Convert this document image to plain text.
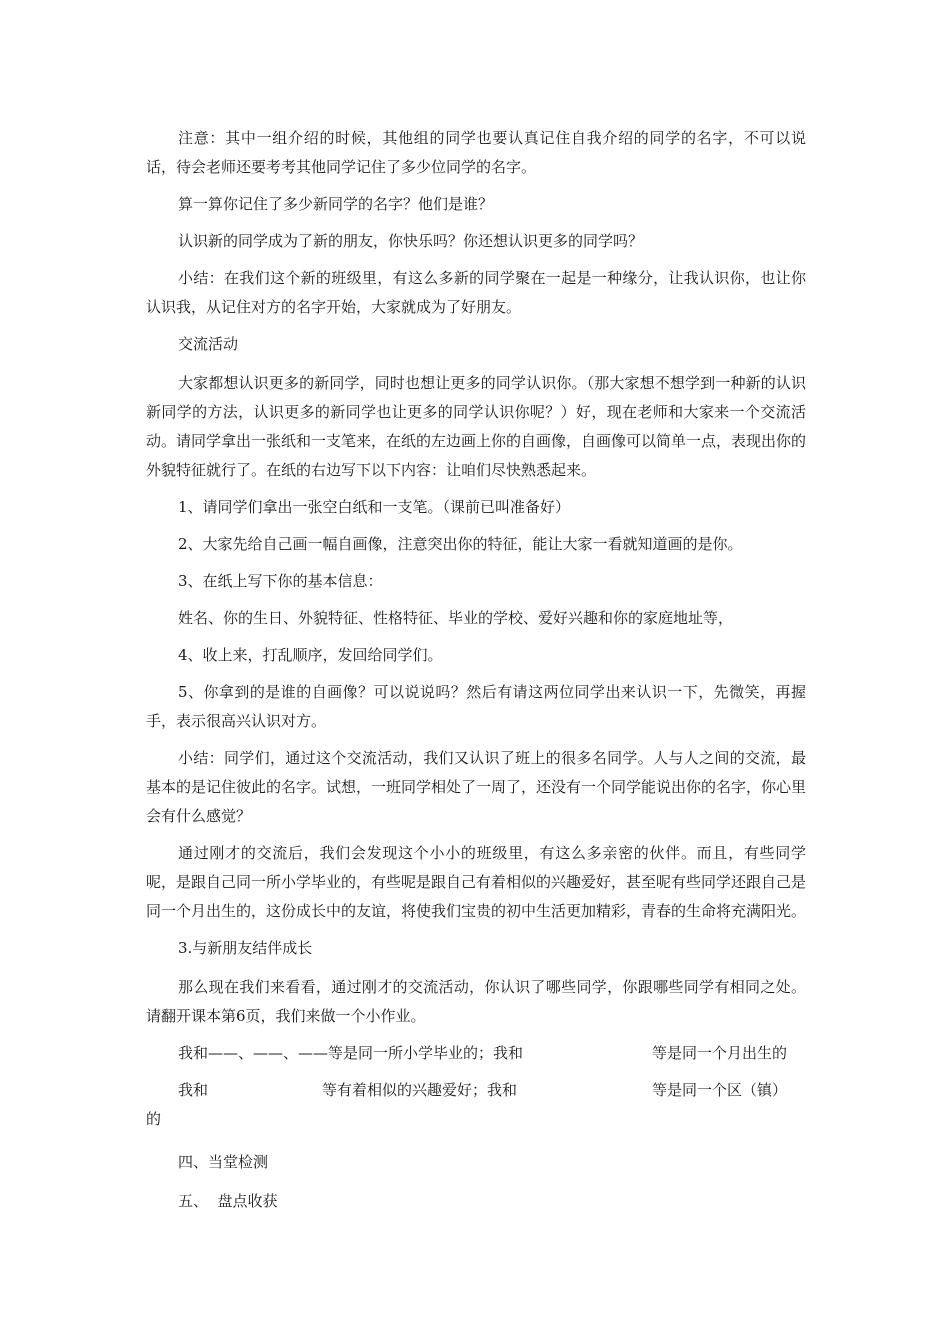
注意：其中一组介绍的时候，其他组的同学也要认真记住自我介绍的同学的名字，不可以说话，待会老师还要考考其他同学记住了多少位同学的名字。

算一算你记住了多少新同学的名字？他们是谁？

认识新的同学成为了新的朋友，你快乐吗？你还想认识更多的同学吗？

小结：在我们这个新的班级里，有这么多新的同学聚在一起是一种缘分，让我认识你，也让你认识我，从记住对方的名字开始，大家就成为了好朋友。

交流活动

大家都想认识更多的新同学，同时也想让更多的同学认识你。（那大家想不想学到一种新的认识新同学的方法，认识更多的新同学也让更多的同学认识你呢？）好，现在老师和大家来一个交流活动。请同学拿出一张纸和一支笔来，在纸的左边画上你的自画像，自画像可以简单一点，表现出你的外貌特征就行了。在纸的右边写下以下内容：让咱们尽快熟悉起来。

1、请同学们拿出一张空白纸和一支笔。（课前已叫准备好）

2、大家先给自己画一幅自画像，注意突出你的特征，能让大家一看就知道画的是你。

3、在纸上写下你的基本信息：

姓名、你的生日、外貌特征、性格特征、毕业的学校、爱好兴趣和你的家庭地址等，

4、收上来，打乱顺序，发回给同学们。

5、你拿到的是谁的自画像？可以说说吗？然后有请这两位同学出来认识一下，先微笑，再握手，表示很高兴认识对方。

小结：同学们，通过这个交流活动，我们又认识了班上的很多名同学。人与人之间的交流，最基本的是记住彼此的名字。试想，一班同学相处了一周了，还没有一个同学能说出你的名字，你心里会有什么感觉？

通过刚才的交流后，我们会发现这个小小的班级里，有这么多亲密的伙伴。而且，有些同学呢，是跟自己同一所小学毕业的，有些呢是跟自己有着相似的兴趣爱好，甚至呢有些同学还跟自己是同一个月出生的，这份成长中的友谊，将使我们宝贵的初中生活更加精彩，青春的生命将充满阳光。

3.与新朋友结伴成长

那么现在我们来看看，通过刚才的交流活动，你认识了哪些同学，你跟哪些同学有相同之处。请翻开课本第6页，我们来做一个小作业。

我和——、——、——等是同一所小学毕业的；我和	等是同一个月出生的
我和	等有着相似的兴趣爱好；我和	等是同一个区（镇）
的

四、当堂检测

五、  盘点收获
